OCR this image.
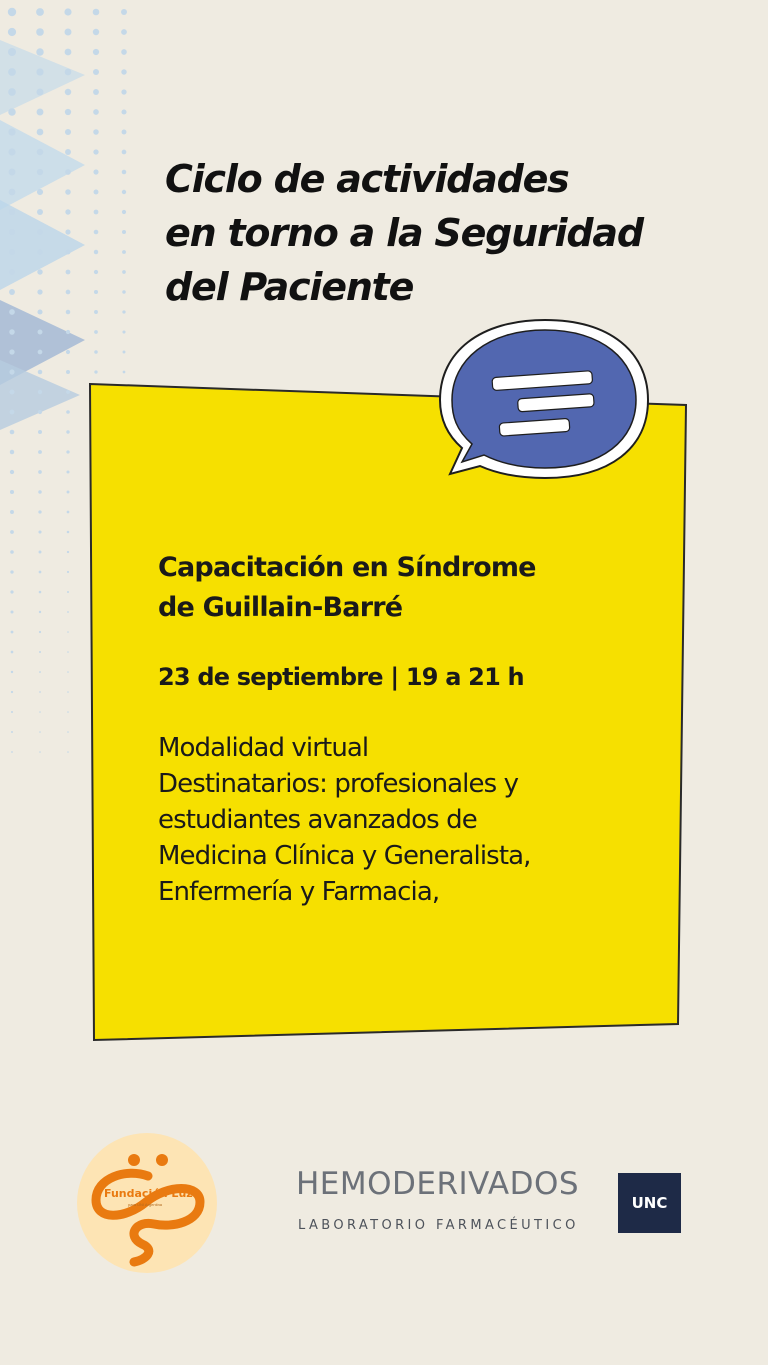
Ciclo de actividades
en torno a la Seguridad
del Paciente
Capacitación en Síndrome
de Guillain-Barré
23 de septiembre | 19 a 21 h
Modalidad virtual
Destinatarios: profesionales y
estudiantes avanzados de
Medicina Clínica y Generalista,
Enfermería y Farmacia,
Fundación Luz
para UNI Argentina
HEMODERIVADOS
LABORATORIO FARMACÉUTICO
UNC
